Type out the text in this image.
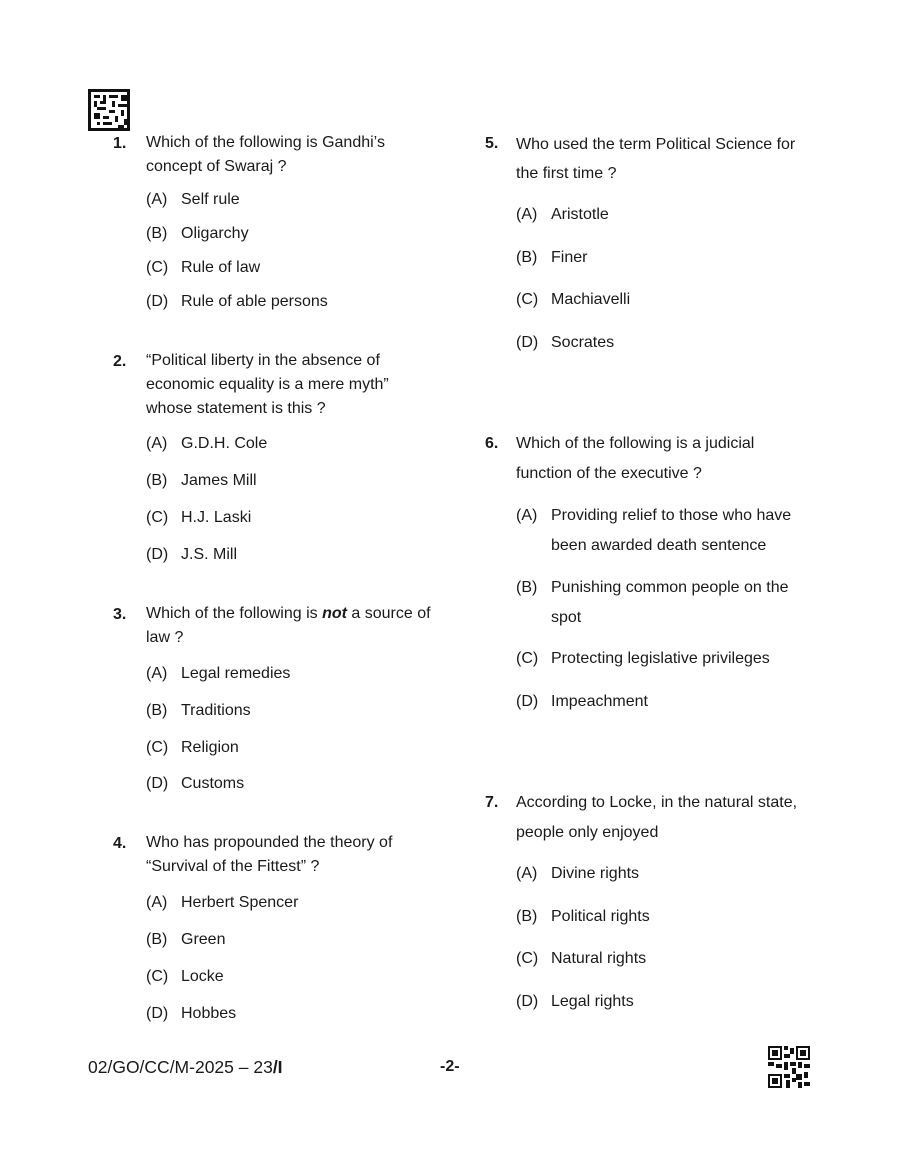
1. Which of the following is Gandhi’s concept of Swaraj ?
(A) Self rule
(B) Oligarchy
(C) Rule of law
(D) Rule of able persons
2. “Political liberty in the absence of economic equality is a mere myth” whose statement is this ?
(A) G.D.H. Cole
(B) James Mill
(C) H.J. Laski
(D) J.S. Mill
3. Which of the following is not a source of law ?
(A) Legal remedies
(B) Traditions
(C) Religion
(D) Customs
4. Who has propounded the theory of “Survival of the Fittest” ?
(A) Herbert Spencer
(B) Green
(C) Locke
(D) Hobbes
5. Who used the term Political Science for the first time ?
(A) Aristotle
(B) Finer
(C) Machiavelli
(D) Socrates
6. Which of the following is a judicial function of the executive ?
(A) Providing relief to those who have been awarded death sentence
(B) Punishing common people on the spot
(C) Protecting legislative privileges
(D) Impeachment
7. According to Locke, in the natural state, people only enjoyed
(A) Divine rights
(B) Political rights
(C) Natural rights
(D) Legal rights
02/GO/CC/M-2025 – 23/I	-2-
